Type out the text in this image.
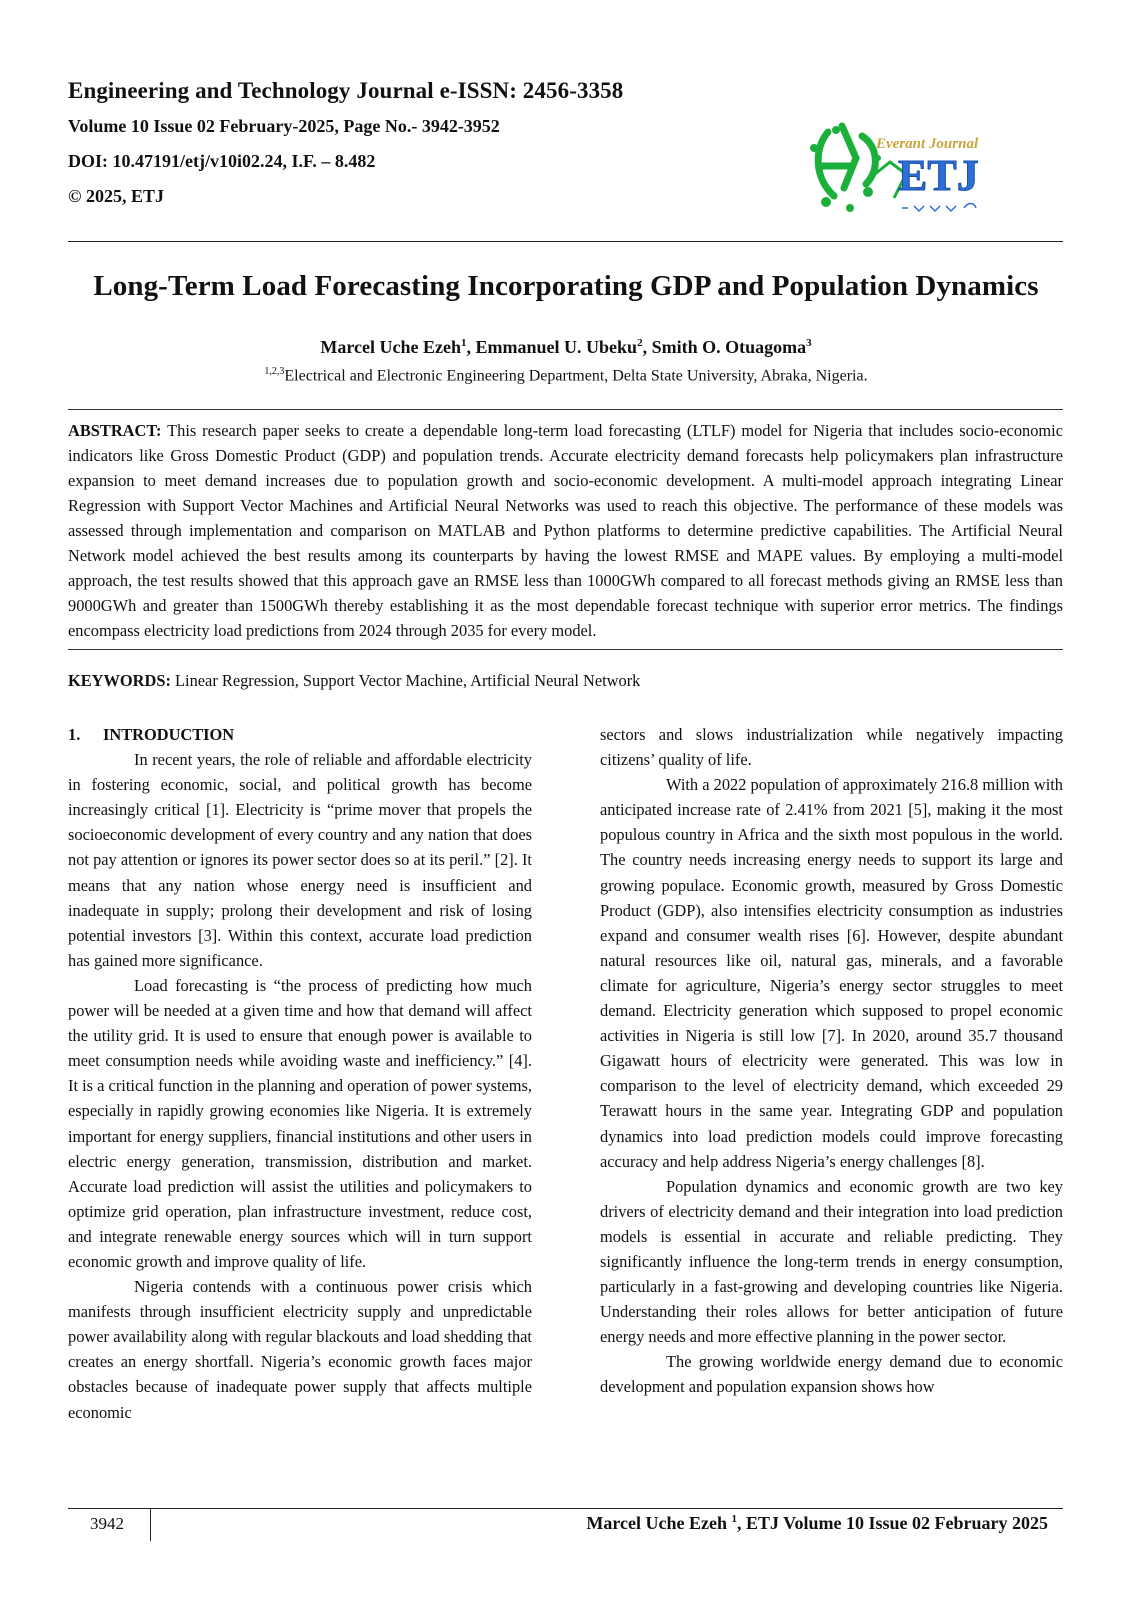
Engineering and Technology Journal e-ISSN: 2456-3358
Volume 10 Issue 02 February-2025, Page No.- 3942-3952
DOI: 10.47191/etj/v10i02.24, I.F. – 8.482
© 2025, ETJ
Everant Journal
ETJ
Long-Term Load Forecasting Incorporating GDP and Population Dynamics
Marcel Uche Ezeh$^1$, Emmanuel U. Ubeku$^2$, Smith O. Otuagoma$^3$
$^{1,2,3}$Electrical and Electronic Engineering Department, Delta State University, Abraka, Nigeria.

ABSTRACT: This research paper seeks to create a dependable long-term load forecasting (LTLF) model for Nigeria that includes socio-economic indicators like Gross Domestic Product (GDP) and population trends. Accurate electricity demand forecasts help policymakers plan infrastructure expansion to meet demand increases due to population growth and socio-economic development. A multi-model approach integrating Linear Regression with Support Vector Machines and Artificial Neural Networks was used to reach this objective. The performance of these models was assessed through implementation and comparison on MATLAB and Python platforms to determine predictive capabilities. The Artificial Neural Network model achieved the best results among its counterparts by having the lowest RMSE and MAPE values. By employing a multi-model approach, the test results showed that this approach gave an RMSE less than 1000GWh compared to all forecast methods giving an RMSE less than 9000GWh and greater than 1500GWh thereby establishing it as the most dependable forecast technique with superior error metrics. The findings encompass electricity load predictions from 2024 through 2035 for every model.

KEYWORDS: Linear Regression, Support Vector Machine, Artificial Neural Network
1. INTRODUCTION

In recent years, the role of reliable and affordable electricity in fostering economic, social, and political growth has become increasingly critical [1]. Electricity is “prime mover that propels the socioeconomic development of every country and any nation that does not pay attention or ignores its power sector does so at its peril.” [2]. It means that any nation whose energy need is insufficient and inadequate in supply; prolong their development and risk of losing potential investors [3]. Within this context, accurate load prediction has gained more significance.

Load forecasting is “the process of predicting how much power will be needed at a given time and how that demand will affect the utility grid. It is used to ensure that enough power is available to meet consumption needs while avoiding waste and inefficiency.” [4]. It is a critical function in the planning and operation of power systems, especially in rapidly growing economies like Nigeria. It is extremely important for energy suppliers, financial institutions and other users in electric energy generation, transmission, distribution and market. Accurate load prediction will assist the utilities and policymakers to optimize grid operation, plan infrastructure investment, reduce cost, and integrate renewable energy sources which will in turn support economic growth and improve quality of life.

Nigeria contends with a continuous power crisis which manifests through insufficient electricity supply and unpredictable power availability along with regular blackouts and load shedding that creates an energy shortfall. Nigeria’s economic growth faces major obstacles because of inadequate power supply that affects multiple economic

sectors and slows industrialization while negatively impacting citizens’ quality of life.

With a 2022 population of approximately 216.8 million with anticipated increase rate of 2.41% from 2021 [5], making it the most populous country in Africa and the sixth most populous in the world. The country needs increasing energy needs to support its large and growing populace. Economic growth, measured by Gross Domestic Product (GDP), also intensifies electricity consumption as industries expand and consumer wealth rises [6]. However, despite abundant natural resources like oil, natural gas, minerals, and a favorable climate for agriculture, Nigeria’s energy sector struggles to meet demand. Electricity generation which supposed to propel economic activities in Nigeria is still low [7]. In 2020, around 35.7 thousand Gigawatt hours of electricity were generated. This was low in comparison to the level of electricity demand, which exceeded 29 Terawatt hours in the same year. Integrating GDP and population dynamics into load prediction models could improve forecasting accuracy and help address Nigeria’s energy challenges [8].

Population dynamics and economic growth are two key drivers of electricity demand and their integration into load prediction models is essential in accurate and reliable predicting. They significantly influence the long-term trends in energy consumption, particularly in a fast-growing and developing countries like Nigeria. Understanding their roles allows for better anticipation of future energy needs and more effective planning in the power sector.

The growing worldwide energy demand due to economic development and population expansion shows how

3942	Marcel Uche Ezeh $^1$, ETJ Volume 10 Issue 02 February 2025
